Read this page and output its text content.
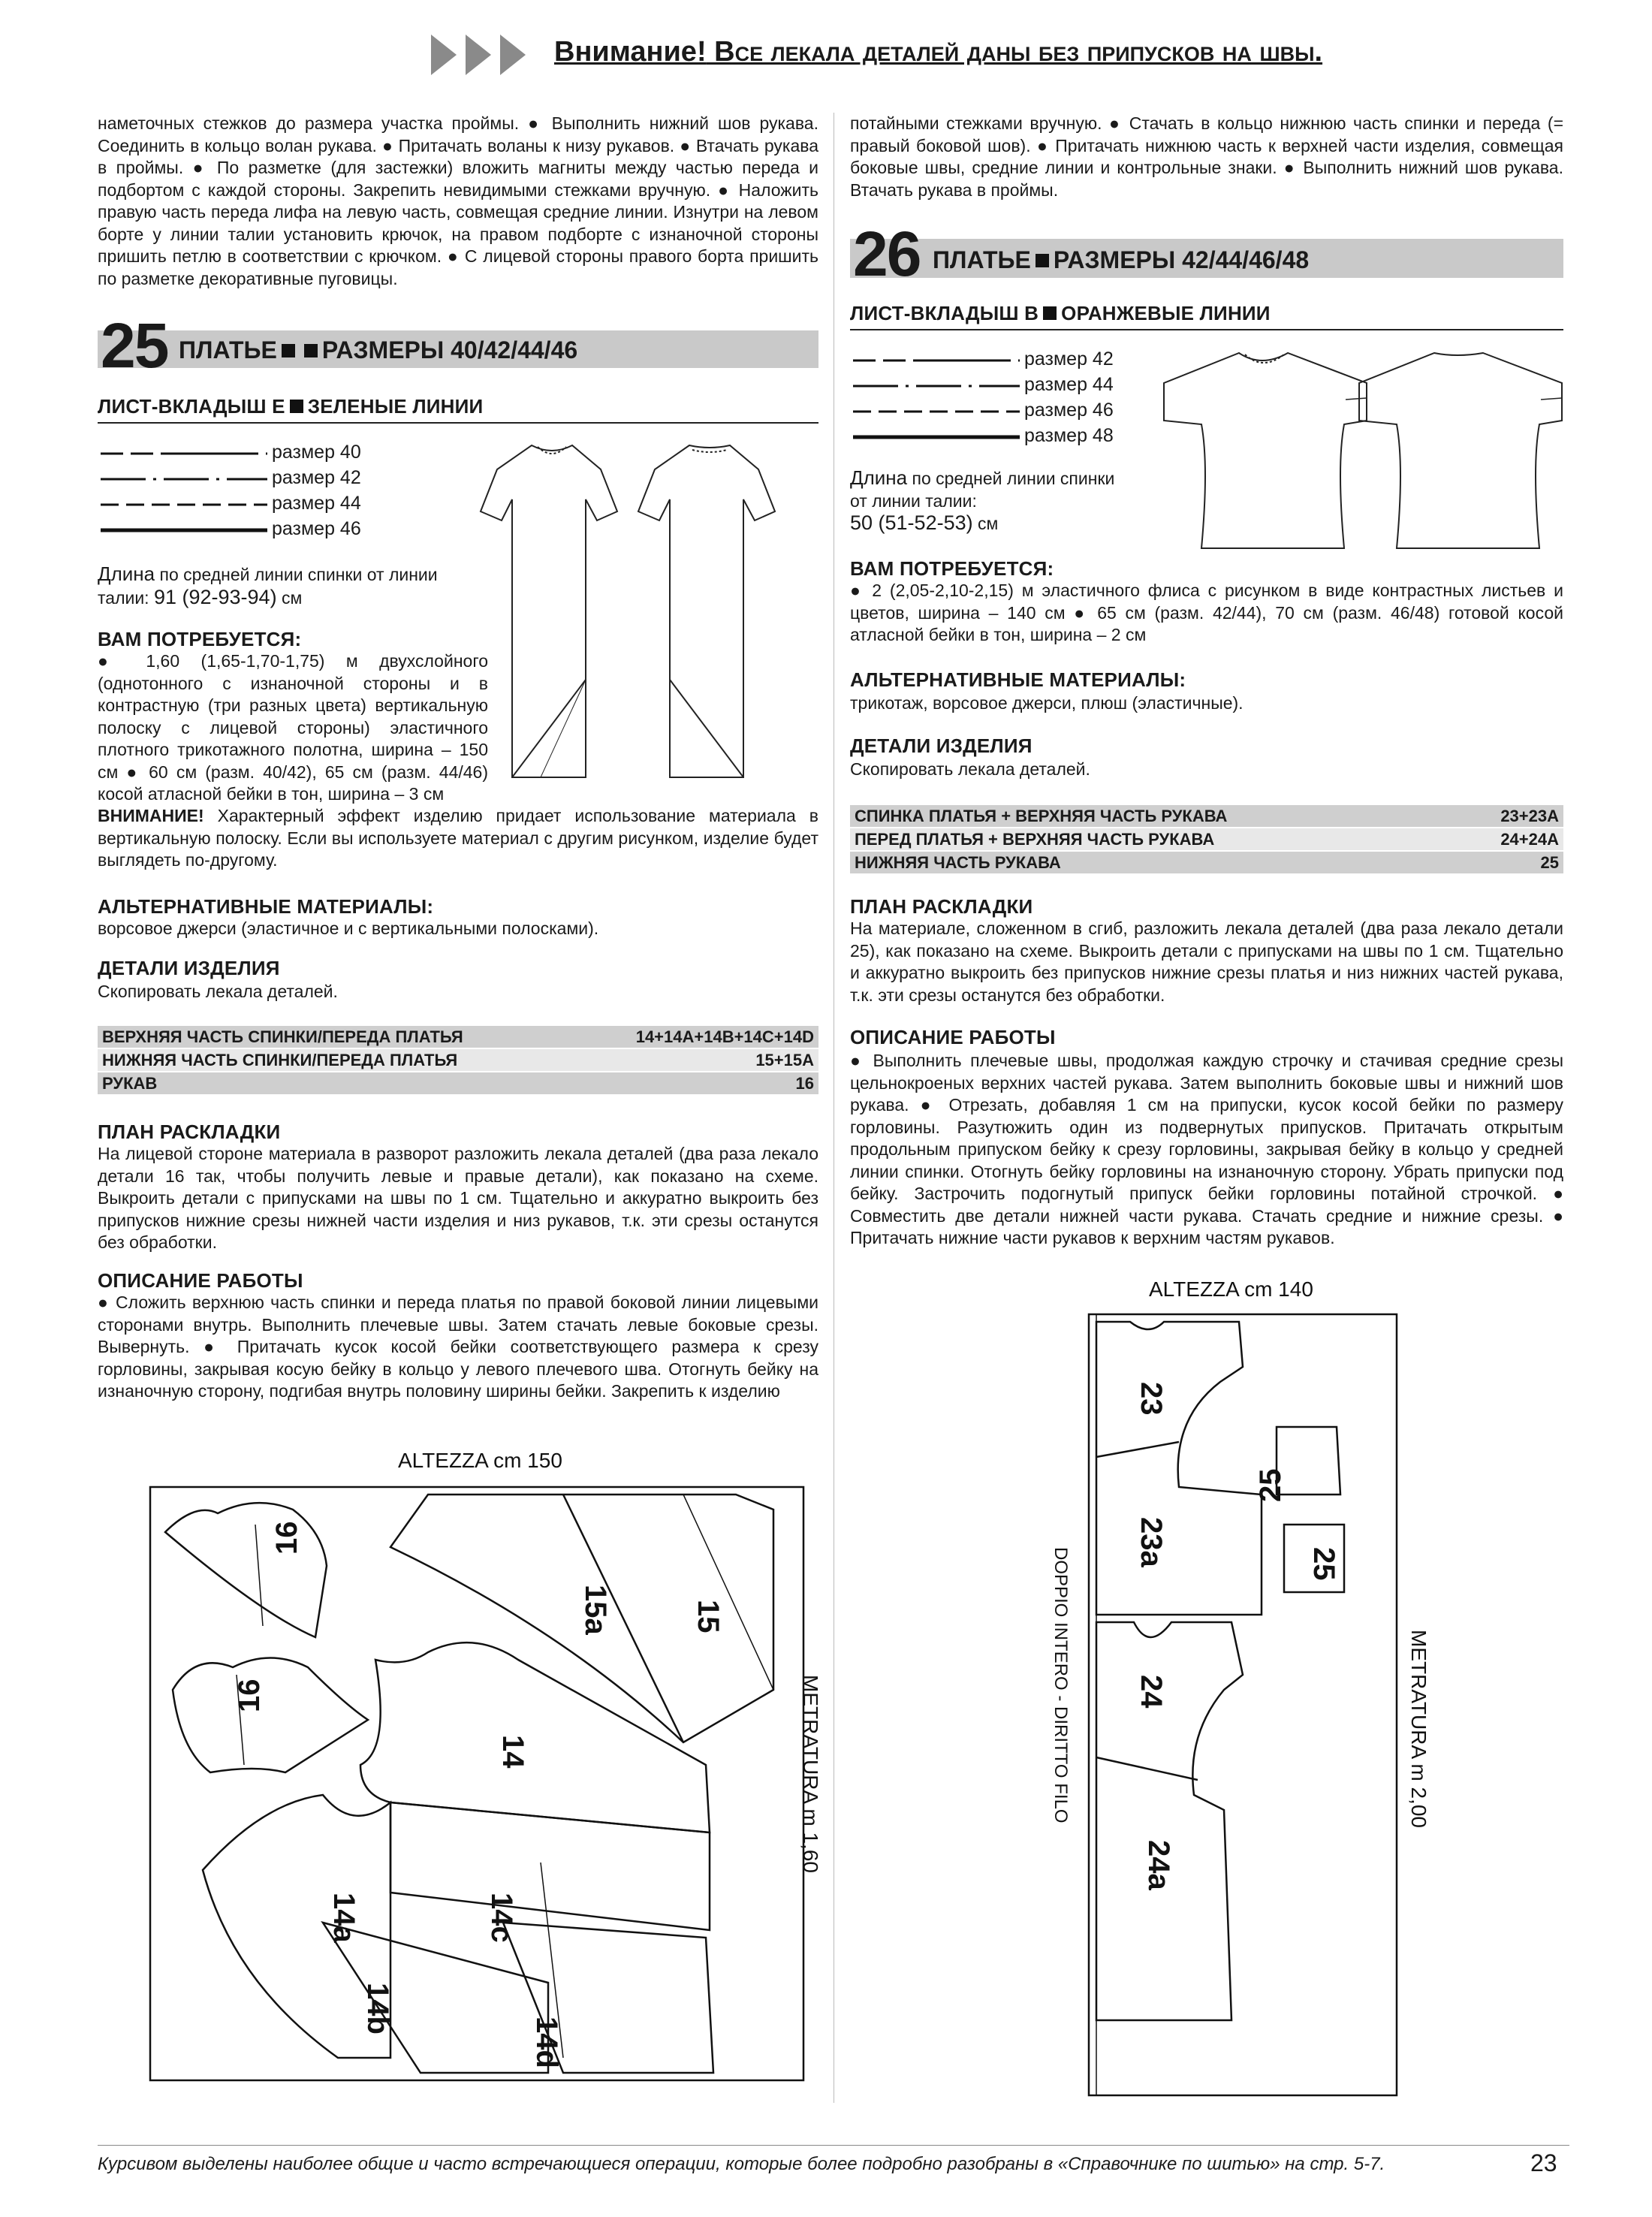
Внимание! Все лекала деталей даны без припусков на швы.
наметочных стежков до размера участка проймы. ● Выполнить нижний шов рукава. Соединить в кольцо волан рукава. ● Притачать воланы к низу рукавов. ● Втачать рукава в проймы. ● По разметке (для застежки) вложить магниты между частью переда и подбортом с каждой стороны. Закрепить невидимыми стежками вручную. ● Наложить правую часть переда лифа на левую часть, совмещая средние линии. Изнутри на левом борте у линии талии установить крючок, на правом подборте с изнаночной стороны пришить петлю в соответствии с крючком. ● С лицевой стороны правого борта пришить по разметке декоративные пуговицы.
25 ПЛАТЬЕ РАЗМЕРЫ 40/42/44/46
ЛИСТ-ВКЛАДЫШ Е ЗЕЛЕНЫЕ ЛИНИИ
размер 40
размер 42
размер 44
размер 46
Длина по средней линии спинки от линии талии: 91 (92-93-94) см
ВАМ ПОТРЕБУЕТСЯ:
● 1,60 (1,65-1,70-1,75) м двухслойного (однотонного с изнаночной стороны и в контрастную (три разных цвета) вертикальную полоску с лицевой стороны) эластичного плотного трикотажного полотна, ширина – 150 см ● 60 см (разм. 40/42), 65 см (разм. 44/46) косой атласной бейки в тон, ширина – 3 см
ВНИМАНИЕ! Характерный эффект изделию придает использование материала в вертикальную полоску. Если вы используете материал с другим рисунком, изделие будет выглядеть по-другому.
АЛЬТЕРНАТИВНЫЕ МАТЕРИАЛЫ:
ворсовое джерси (эластичное и с вертикальными полосками).
ДЕТАЛИ ИЗДЕЛИЯ
Скопировать лекала деталей.
ВЕРХНЯЯ ЧАСТЬ СПИНКИ/ПЕРЕДА ПЛАТЬЯ	14+14А+14В+14С+14D
НИЖНЯЯ ЧАСТЬ СПИНКИ/ПЕРЕДА ПЛАТЬЯ	15+15А
РУКАВ	16
ПЛАН РАСКЛАДКИ
На лицевой стороне материала в разворот разложить лекала деталей (два раза лекало детали 16 так, чтобы получить левые и правые детали), как показано на схеме. Выкроить детали с припусками на швы по 1 см. Тщательно и аккуратно выкроить без припусков нижние срезы нижней части изделия и низ рукавов, т.к. эти срезы останутся без обработки.
ОПИСАНИЕ РАБОТЫ
● Сложить верхнюю часть спинки и переда платья по правой боковой линии лицевыми сторонами внутрь. Выполнить плечевые швы. Затем стачать левые боковые срезы. Вывернуть. ● Притачать кусок косой бейки соответствующего размера к срезу горловины, закрывая косую бейку в кольцо у левого плечевого шва. Отогнуть бейку на изнаночную сторону, подгибая внутрь половину ширины бейки. Закрепить к изделию
ALTEZZA cm 150
16
16
15a	15
14
14a	14c
14b
14d
METRATURA m 1,60
потайными стежками вручную. ● Стачать в кольцо нижнюю часть спинки и переда (= правый боковой шов). ● Притачать нижнюю часть к верхней части изделия, совмещая боковые швы, средние линии и контрольные знаки. ● Выполнить нижний шов рукава. Втачать рукава в проймы.
26 ПЛАТЬЕ РАЗМЕРЫ 42/44/46/48
ЛИСТ-ВКЛАДЫШ В ОРАНЖЕВЫЕ ЛИНИИ
размер 42
размер 44
размер 46
размер 48
Длина по средней линии спинки от линии талии:
50 (51-52-53) см
ВАМ ПОТРЕБУЕТСЯ:
● 2 (2,05-2,10-2,15) м эластичного флиса с рисунком в виде контрастных листьев и цветов, ширина – 140 см ● 65 см (разм. 42/44), 70 см (разм. 46/48) готовой косой атласной бейки в тон, ширина – 2 см
АЛЬТЕРНАТИВНЫЕ МАТЕРИАЛЫ:
трикотаж, ворсовое джерси, плюш (эластичные).
ДЕТАЛИ ИЗДЕЛИЯ
Скопировать лекала деталей.
СПИНКА ПЛАТЬЯ + ВЕРХНЯЯ ЧАСТЬ РУКАВА	23+23А
ПЕРЕД ПЛАТЬЯ + ВЕРХНЯЯ ЧАСТЬ РУКАВА	24+24А
НИЖНЯЯ ЧАСТЬ РУКАВА	25
ПЛАН РАСКЛАДКИ
На материале, сложенном в сгиб, разложить лекала деталей (два раза лекало детали 25), как показано на схеме. Выкроить детали с припусками на швы по 1 см. Тщательно и аккуратно выкроить без припусков нижние срезы платья и низ нижних частей рукава, т.к. эти срезы останутся без обработки.
ОПИСАНИЕ РАБОТЫ
● Выполнить плечевые швы, продолжая каждую строчку и стачивая средние срезы цельнокроеных верхних частей рукава. Затем выполнить боковые швы и нижний шов рукава. ● Отрезать, добавляя 1 см на припуски, кусок косой бейки по размеру горловины. Разутюжить один из подвернутых припусков. Притачать открытым продольным припуском бейку к срезу горловины, закрывая бейку в кольцо у средней линии спинки. Отогнуть бейку горловины на изнаночную сторону. Убрать припуски под бейку. Застрочить подогнутый припуск бейки горловины потайной строчкой. ● Совместить две детали нижней части рукава. Стачать средние и нижние срезы. ● Притачать нижние части рукавов к верхним частям рукавов.
ALTEZZA cm 140
23
23a
25
25
24
24a
DOPPIO INTERO - DIRITTO FILO	METRATURA m 2,00
Курсивом выделены наиболее общие и часто встречающиеся операции, которые более подробно разобраны в «Справочнике по шитью» на стр. 5-7.	23
